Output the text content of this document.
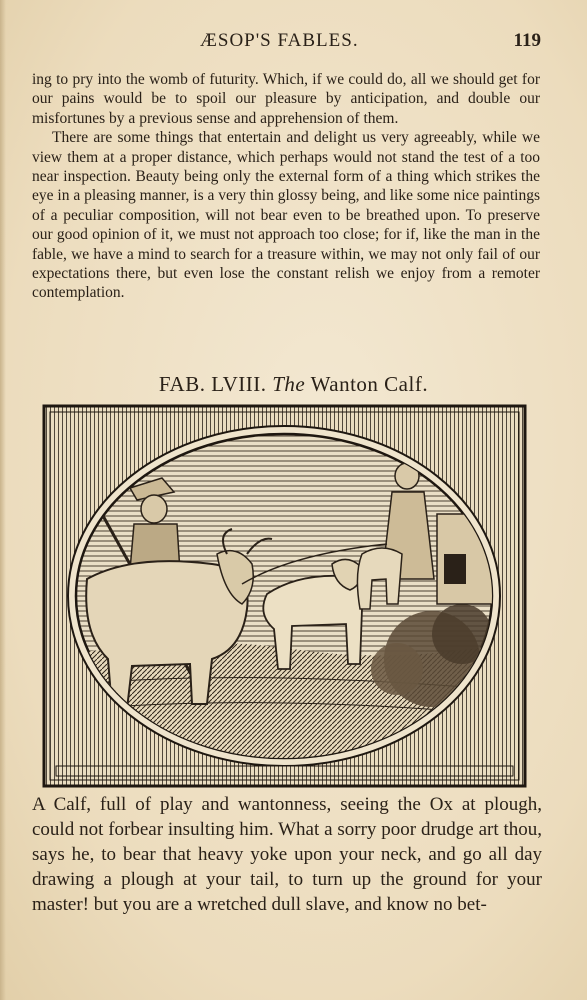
ÆSOP'S FABLES.	119

ing to pry into the womb of futurity. Which, if we could do, all we should get for our pains would be to spoil our pleasure by anticipation, and double our misfortunes by a previous sense and apprehension of them.

There are some things that entertain and delight us very agreeably, while we view them at a proper distance, which perhaps would not stand the test of a too near inspection. Beauty being only the external form of a thing which strikes the eye in a pleasing manner, is a very thin glossy being, and like some nice paintings of a peculiar composition, will not bear even to be breathed upon. To preserve our good opinion of it, we must not approach too close; for if, like the man in the fable, we have a mind to search for a treasure within, we may not only fail of our expectations there, but even lose the constant relish we enjoy from a remoter contemplation.

FAB. LVIII. The Wanton Calf.

A Calf, full of play and wantonness, seeing the Ox at plough, could not forbear insulting him. What a sorry poor drudge art thou, says he, to bear that heavy yoke upon your neck, and go all day drawing a plough at your tail, to turn up the ground for your master! but you are a wretched dull slave, and know no bet-
